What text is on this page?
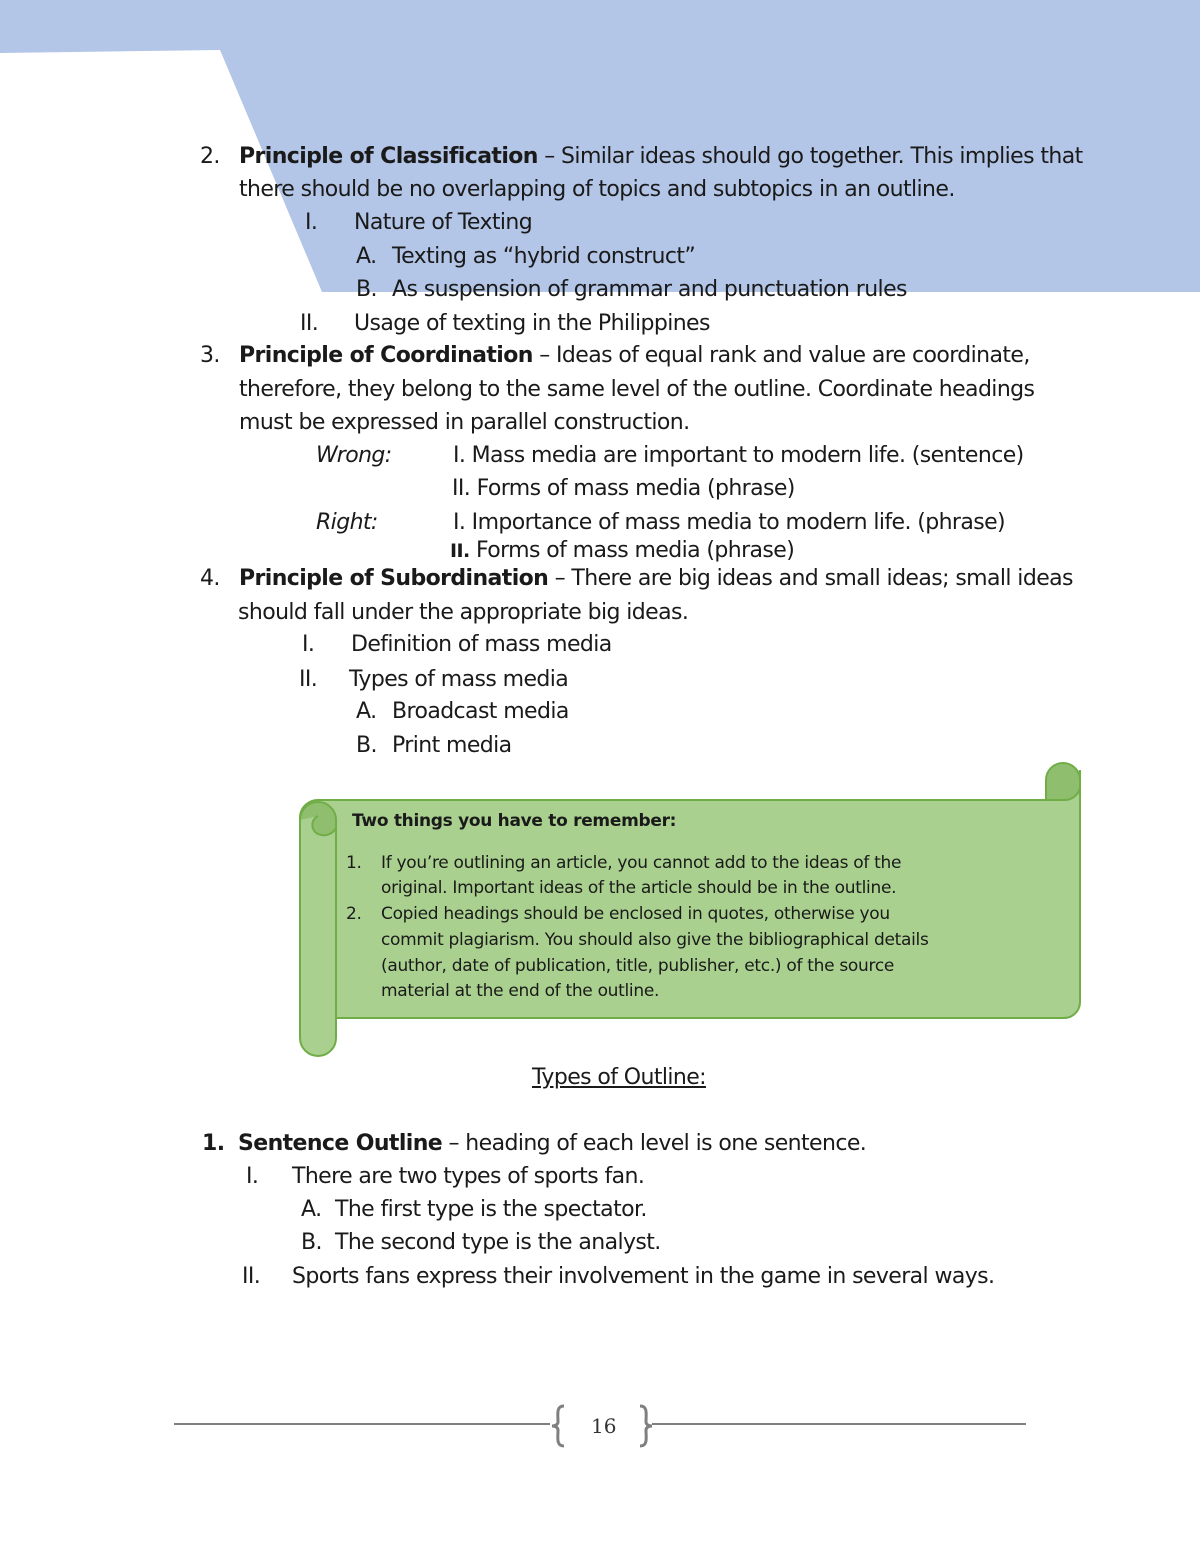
2. Principle of Classification – Similar ideas should go together. This implies that
there should be no overlapping of topics and subtopics in an outline.
I. Nature of Texting
A. Texting as “hybrid construct”
B. As suspension of grammar and punctuation rules
II. Usage of texting in the Philippines
3. Principle of Coordination – Ideas of equal rank and value are coordinate,
therefore, they belong to the same level of the outline. Coordinate headings
must be expressed in parallel construction.
Wrong:	I. Mass media are important to modern life. (sentence)
II. Forms of mass media (phrase)
Right:	I. Importance of mass media to modern life. (phrase)
II. Forms of mass media (phrase)
4. Principle of Subordination – There are big ideas and small ideas; small ideas
should fall under the appropriate big ideas.
I. Definition of mass media
II. Types of mass media
A. Broadcast media
B. Print media
Two things you have to remember:
1. If you’re outlining an article, you cannot add to the ideas of the
original. Important ideas of the article should be in the outline.
2. Copied headings should be enclosed in quotes, otherwise you
commit plagiarism. You should also give the bibliographical details
(author, date of publication, title, publisher, etc.) of the source
material at the end of the outline.
Types of Outline:
1. Sentence Outline – heading of each level is one sentence.
I. There are two types of sports fan.
A. The first type is the spectator.
B. The second type is the analyst.
II. Sports fans express their involvement in the game in several ways.
16
